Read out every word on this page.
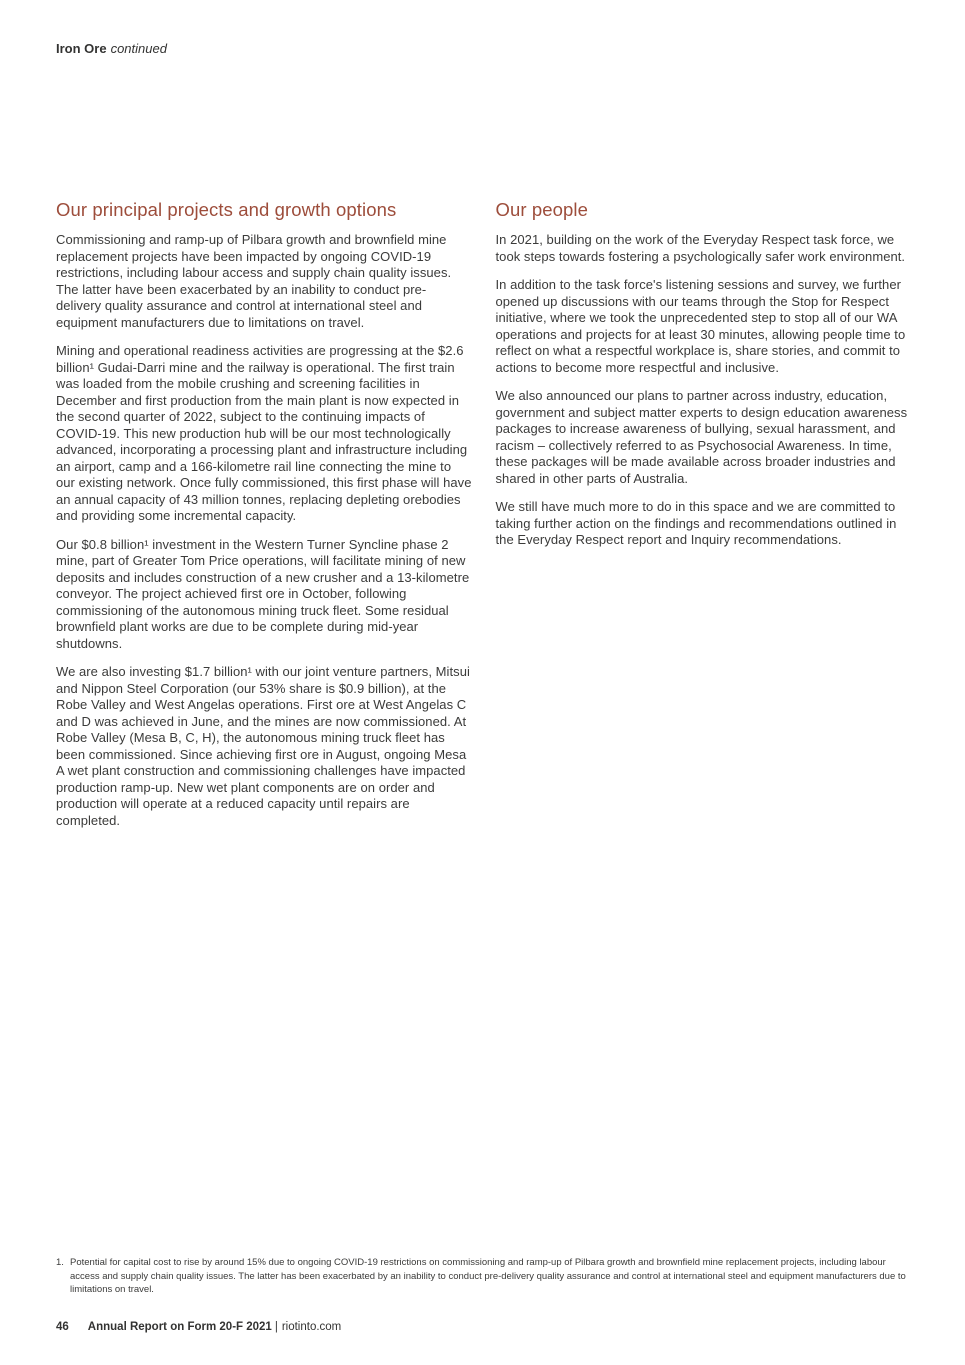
Iron Ore continued
Our principal projects and growth options

Commissioning and ramp-up of Pilbara growth and brownfield mine replacement projects have been impacted by ongoing COVID-19 restrictions, including labour access and supply chain quality issues. The latter have been exacerbated by an inability to conduct pre-delivery quality assurance and control at international steel and equipment manufacturers due to limitations on travel.

Mining and operational readiness activities are progressing at the $2.6 billion¹ Gudai-Darri mine and the railway is operational. The first train was loaded from the mobile crushing and screening facilities in December and first production from the main plant is now expected in the second quarter of 2022, subject to the continuing impacts of COVID-19. This new production hub will be our most technologically advanced, incorporating a processing plant and infrastructure including an airport, camp and a 166-kilometre rail line connecting the mine to our existing network. Once fully commissioned, this first phase will have an annual capacity of 43 million tonnes, replacing depleting orebodies and providing some incremental capacity.

Our $0.8 billion¹ investment in the Western Turner Syncline phase 2 mine, part of Greater Tom Price operations, will facilitate mining of new deposits and includes construction of a new crusher and a 13-kilometre conveyor. The project achieved first ore in October, following commissioning of the autonomous mining truck fleet. Some residual brownfield plant works are due to be complete during mid-year shutdowns.

We are also investing $1.7 billion¹ with our joint venture partners, Mitsui and Nippon Steel Corporation (our 53% share is $0.9 billion), at the Robe Valley and West Angelas operations. First ore at West Angelas C and D was achieved in June, and the mines are now commissioned. At Robe Valley (Mesa B, C, H), the autonomous mining truck fleet has been commissioned. Since achieving first ore in August, ongoing Mesa A wet plant construction and commissioning challenges have impacted production ramp-up. New wet plant components are on order and production will operate at a reduced capacity until repairs are completed.

Our people

In 2021, building on the work of the Everyday Respect task force, we took steps towards fostering a psychologically safer work environment.

In addition to the task force's listening sessions and survey, we further opened up discussions with our teams through the Stop for Respect initiative, where we took the unprecedented step to stop all of our WA operations and projects for at least 30 minutes, allowing people time to reflect on what a respectful workplace is, share stories, and commit to actions to become more respectful and inclusive.

We also announced our plans to partner across industry, education, government and subject matter experts to design education awareness packages to increase awareness of bullying, sexual harassment, and racism – collectively referred to as Psychosocial Awareness. In time, these packages will be made available across broader industries and shared in other parts of Australia.

We still have much more to do in this space and we are committed to taking further action on the findings and recommendations outlined in the Everyday Respect report and Inquiry recommendations.

1. Potential for capital cost to rise by around 15% due to ongoing COVID-19 restrictions on commissioning and ramp-up of Pilbara growth and brownfield mine replacement projects, including labour access and supply chain quality issues. The latter has been exacerbated by an inability to conduct pre-delivery quality assurance and control at international steel and equipment manufacturers due to limitations on travel.
46 Annual Report on Form 20-F 2021 | riotinto.com
